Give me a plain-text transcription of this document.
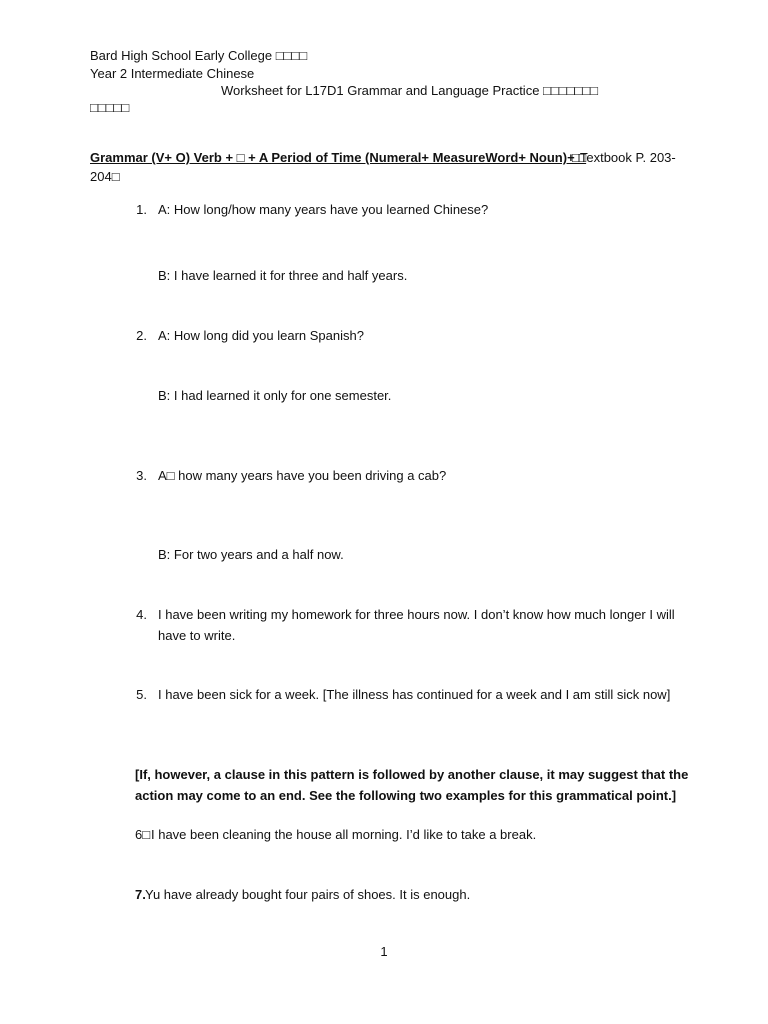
Bard High School Early College □□□□
Year 2 Intermediate Chinese
Worksheet for L17D1 Grammar and Language Practice □□□□□□□
□□□□□
Grammar (V+ O) Verb + □ + A Period of Time (Numeral+ MeasureWord+ Noun)+ □
□Textbook P. 203-
204□
1. A: How long/how many years have you learned Chinese?
B: I have learned it for three and half years.
2. A: How long did you learn Spanish?
B: I had learned it only for one semester.
3. A□ how many years have you been driving a cab?
B: For two years and a half now.
4. I have been writing my homework for three hours now. I don’t know how much longer I will
have to write.
5. I have been sick for a week. [The illness has continued for a week and I am still sick now]
[If, however, a clause in this pattern is followed by another clause, it may suggest that the
action may come to an end. See the following two examples for this grammatical point.]
6□ I have been cleaning the house all morning. I’d like to take a break.
7. Yu have already bought four pairs of shoes. It is enough.
1
